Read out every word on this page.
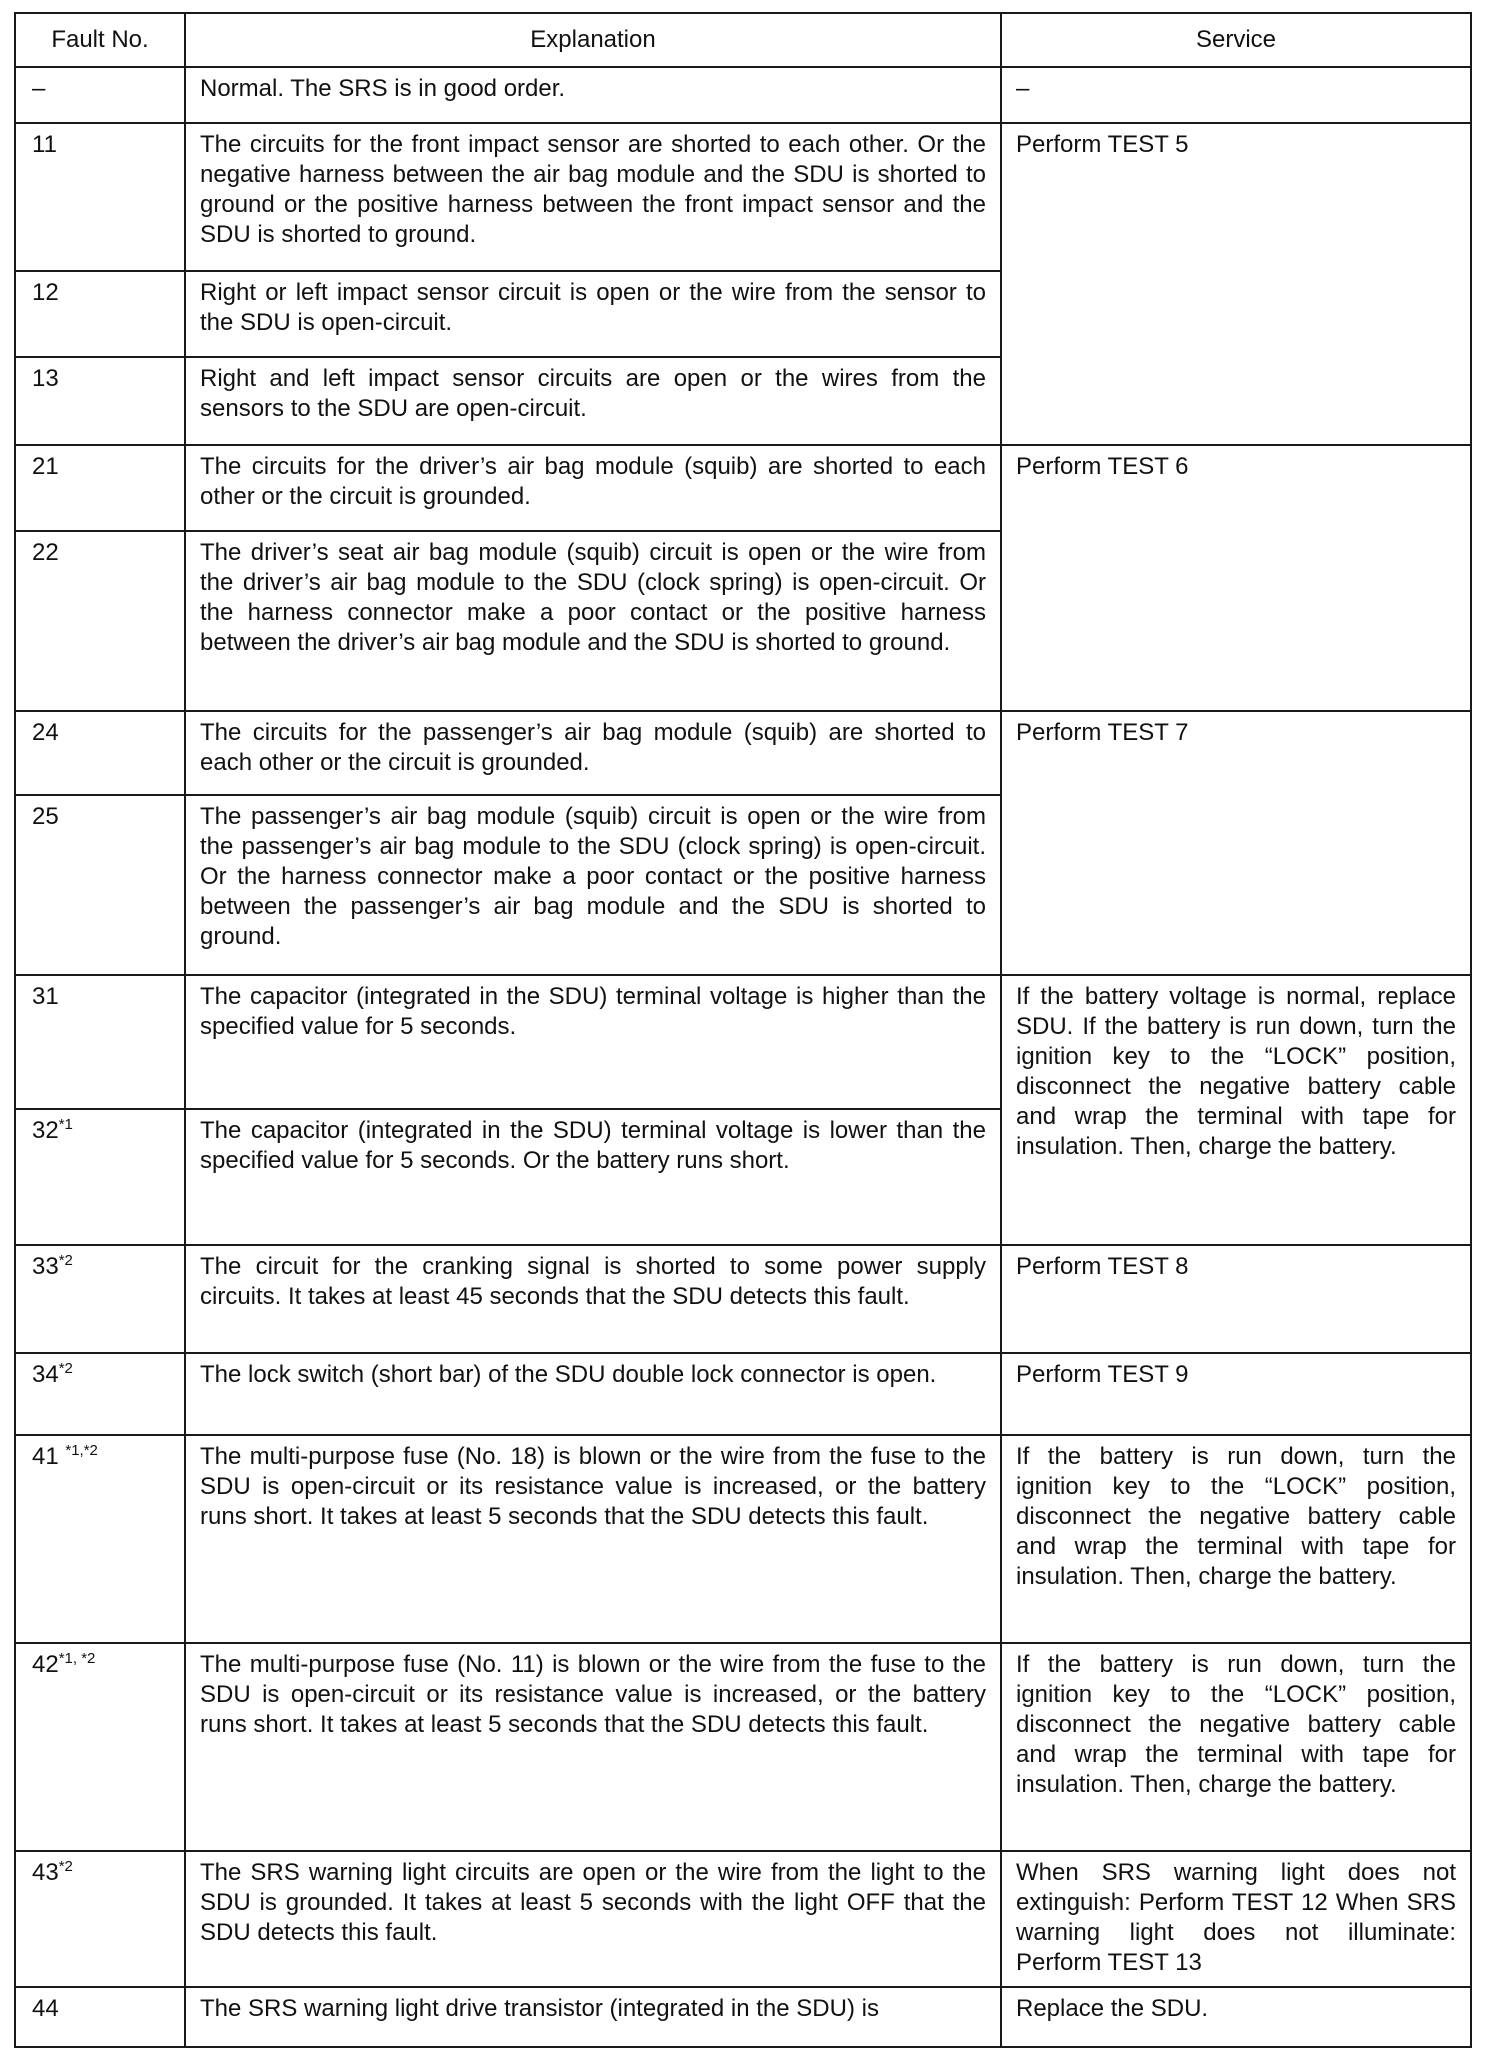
Fault No.	Explanation	Service
–	Normal. The SRS is in good order.	–
11	The circuits for the front impact sensor are shorted to each other. Or the negative harness between the air bag module and the SDU is shorted to ground or the positive harness between the front impact sensor and the SDU is shorted to ground.	Perform TEST 5
12	Right or left impact sensor circuit is open or the wire from the sensor to the SDU is open-circuit.	
13	Right and left impact sensor circuits are open or the wires from the sensors to the SDU are open-circuit.	
21	The circuits for the driver’s air bag module (squib) are shorted to each other or the circuit is grounded.	Perform TEST 6
22	The driver’s seat air bag module (squib) circuit is open or the wire from the driver’s air bag module to the SDU (clock spring) is open-circuit. Or the harness connector make a poor contact or the positive harness between the driver’s air bag module and the SDU is shorted to ground.	
24	The circuits for the passenger’s air bag module (squib) are shorted to each other or the circuit is grounded.	Perform TEST 7
25	The passenger’s air bag module (squib) circuit is open or the wire from the passenger’s air bag module to the SDU (clock spring) is open-circuit. Or the harness connector make a poor contact or the positive harness between the passenger’s air bag module and the SDU is shorted to ground.	
31	The capacitor (integrated in the SDU) terminal voltage is higher than the specified value for 5 seconds.	If the battery voltage is normal, replace SDU. If the battery is run down, turn the ignition key to the “LOCK” position, disconnect the negative battery cable and wrap the terminal with tape for insulation. Then, charge the battery.
32$^{*1}$	The capacitor (integrated in the SDU) terminal voltage is lower than the specified value for 5 seconds. Or the battery runs short.	
33$^{*2}$	The circuit for the cranking signal is shorted to some power supply circuits. It takes at least 45 seconds that the SDU detects this fault.	Perform TEST 8
34$^{*2}$	The lock switch (short bar) of the SDU double lock connector is open.	Perform TEST 9
41 $^{*1,*2}$	The multi-purpose fuse (No. 18) is blown or the wire from the fuse to the SDU is open-circuit or its resistance value is increased, or the battery runs short. It takes at least 5 seconds that the SDU detects this fault.	If the battery is run down, turn the ignition key to the “LOCK” position, disconnect the negative battery cable and wrap the terminal with tape for insulation. Then, charge the battery.
$42^{*1, *2}$	The multi-purpose fuse (No. 11) is blown or the wire from the fuse to the SDU is open-circuit or its resistance value is increased, or the battery runs short. It takes at least 5 seconds that the SDU detects this fault.	If the battery is run down, turn the ignition key to the “LOCK” position, disconnect the negative battery cable and wrap the terminal with tape for insulation. Then, charge the battery.
43$^{*2}$	The SRS warning light circuits are open or the wire from the light to the SDU is grounded. It takes at least 5 seconds with the light OFF that the SDU detects this fault.	When SRS warning light does not extinguish: Perform TEST 12 When SRS warning light does not illuminate: Perform TEST 13
44	The SRS warning light drive transistor (integrated in the SDU) is	Replace the SDU.
